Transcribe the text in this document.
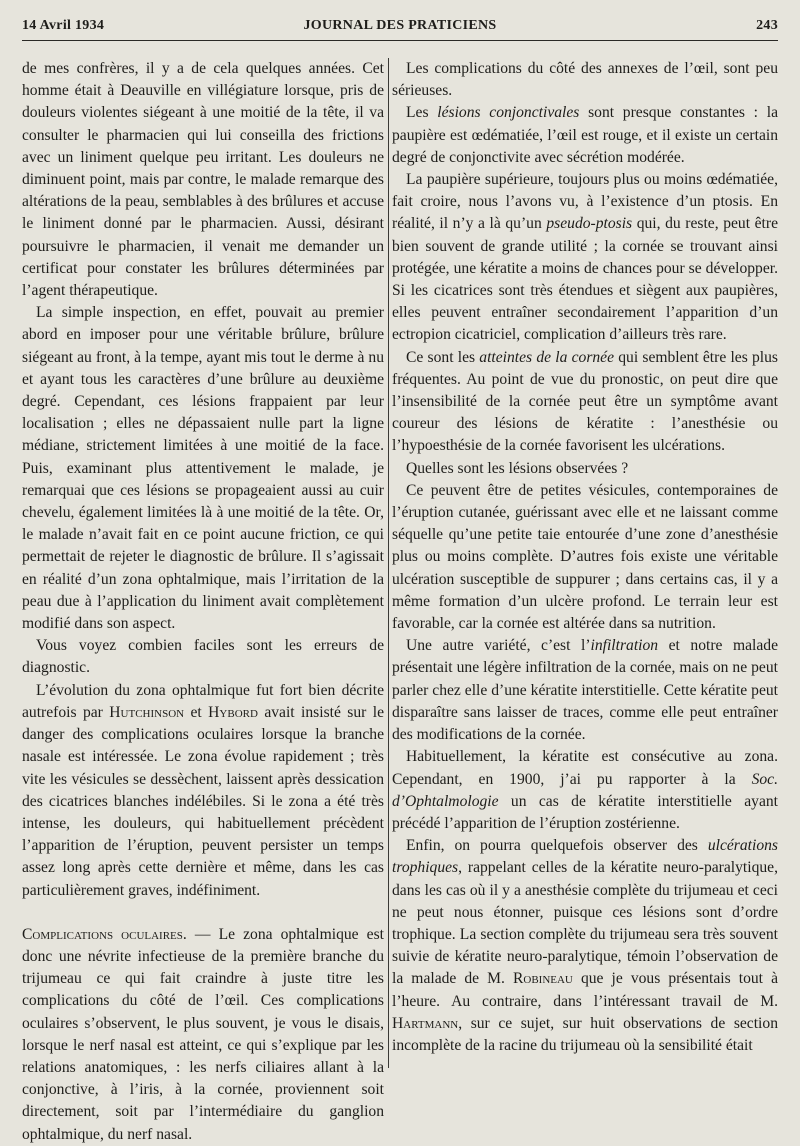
14 Avril 1934	JOURNAL DES PRATICIENS	243

de mes confrères, il y a de cela quelques années. Cet homme était à Deauville en villégiature lorsque, pris de douleurs violentes siégeant à une moitié de la tête, il va consulter le pharmacien qui lui conseilla des frictions avec un liniment quelque peu irritant. Les douleurs ne diminuent point, mais par contre, le malade remarque des altérations de la peau, semblables à des brûlures et accuse le liniment donné par le pharmacien. Aussi, désirant poursuivre le pharmacien, il venait me demander un certificat pour constater les brûlures déterminées par l’agent thérapeutique.

La simple inspection, en effet, pouvait au premier abord en imposer pour une véritable brûlure, brûlure siégeant au front, à la tempe, ayant mis tout le derme à nu et ayant tous les caractères d’une brûlure au deuxième degré. Cependant, ces lésions frappaient par leur localisation ; elles ne dépassaient nulle part la ligne médiane, strictement limitées à une moitié de la face. Puis, examinant plus attentivement le malade, je remarquai que ces lésions se propageaient aussi au cuir chevelu, également limitées là à une moitié de la tête. Or, le malade n’avait fait en ce point aucune friction, ce qui permettait de rejeter le diagnostic de brûlure. Il s’agissait en réalité d’un zona ophtalmique, mais l’irritation de la peau due à l’application du liniment avait complètement modifié dans son aspect.

Vous voyez combien faciles sont les erreurs de diagnostic.

L’évolution du zona ophtalmique fut fort bien décrite autrefois par Hutchinson et Hybord avait insisté sur le danger des complications oculaires lorsque la branche nasale est intéressée. Le zona évolue rapidement ; très vite les vésicules se dessèchent, laissent après dessication des cicatrices blanches indélébiles. Si le zona a été très intense, les douleurs, qui habituellement précèdent l’apparition de l’éruption, peuvent persister un temps assez long après cette dernière et même, dans les cas particulièrement graves, indéfiniment.

Complications oculaires. — Le zona ophtalmique est donc une névrite infectieuse de la première branche du trijumeau ce qui fait craindre à juste titre les complications du côté de l’œil. Ces complications oculaires s’observent, le plus souvent, je vous le disais, lorsque le nerf nasal est atteint, ce qui s’explique par les relations anatomiques, : les nerfs ciliaires allant à la conjonctive, à l’iris, à la cornée, proviennent soit directement, soit par l’intermédiaire du ganglion ophtalmique, du nerf nasal.

Les complications du côté des annexes de l’œil, sont peu sérieuses.

Les lésions conjonctivales sont presque constantes : la paupière est œdématiée, l’œil est rouge, et il existe un certain degré de conjonctivite avec sécrétion modérée.

La paupière supérieure, toujours plus ou moins œdématiée, fait croire, nous l’avons vu, à l’existence d’un ptosis. En réalité, il n’y a là qu’un pseudo-ptosis qui, du reste, peut être bien souvent de grande utilité ; la cornée se trouvant ainsi protégée, une kératite a moins de chances pour se développer. Si les cicatrices sont très étendues et siègent aux paupières, elles peuvent entraîner secondairement l’apparition d’un ectropion cicatriciel, complication d’ailleurs très rare.

Ce sont les atteintes de la cornée qui semblent être les plus fréquentes. Au point de vue du pronostic, on peut dire que l’insensibilité de la cornée peut être un symptôme avant coureur des lésions de kératite : l’anesthésie ou l’hypoesthésie de la cornée favorisent les ulcérations.

Quelles sont les lésions observées ?

Ce peuvent être de petites vésicules, contemporaines de l’éruption cutanée, guérissant avec elle et ne laissant comme séquelle qu’une petite taie entourée d’une zone d’anesthésie plus ou moins complète. D’autres fois existe une véritable ulcération susceptible de suppurer ; dans certains cas, il y a même formation d’un ulcère profond. Le terrain leur est favorable, car la cornée est altérée dans sa nutrition.

Une autre variété, c’est l’infiltration et notre malade présentait une légère infiltration de la cornée, mais on ne peut parler chez elle d’une kératite interstitielle. Cette kératite peut disparaître sans laisser de traces, comme elle peut entraîner des modifications de la cornée.

Habituellement, la kératite est consécutive au zona. Cependant, en 1900, j’ai pu rapporter à la Soc. d’Ophtalmologie un cas de kératite interstitielle ayant précédé l’apparition de l’éruption zostérienne.

Enfin, on pourra quelquefois observer des ulcérations trophiques, rappelant celles de la kératite neuro-paralytique, dans les cas où il y a anesthésie complète du trijumeau et ceci ne peut nous étonner, puisque ces lésions sont d’ordre trophique. La section complète du trijumeau sera très souvent suivie de kératite neuro-paralytique, témoin l’observation de la malade de M. Robineau que je vous présentais tout à l’heure. Au contraire, dans l’intéressant travail de M. Hartmann, sur ce sujet, sur huit observations de section incomplète de la racine du trijumeau où la sensibilité était
